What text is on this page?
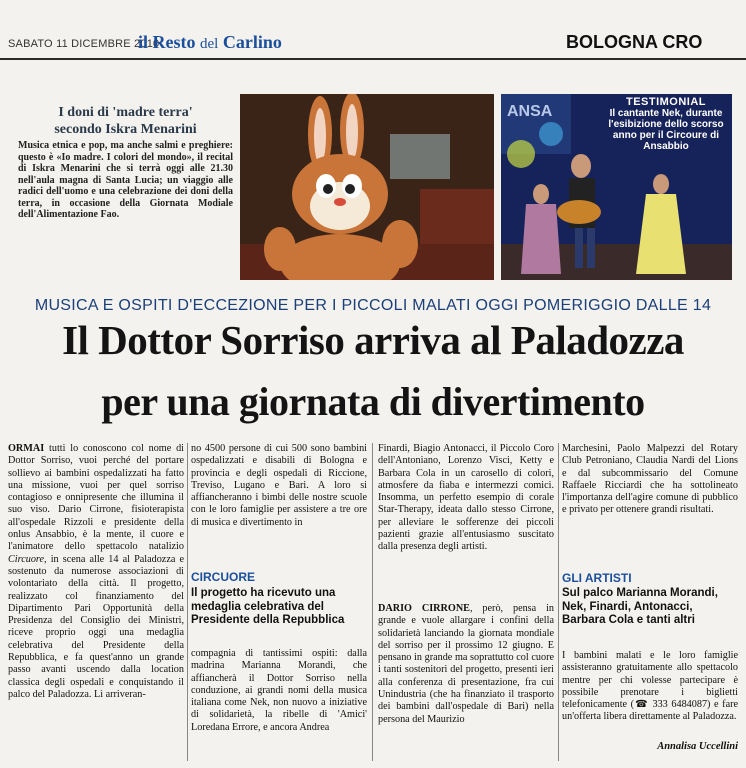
SABATO 11 DICEMBRE 2010
il Resto del Carlino	BOLOGNA CRO
I doni di 'madre terra'
secondo Iskra Menarini
Musica etnica e pop, ma anche salmi e preghiere: questo è «Io madre. I colori del mondo», il recital di Iskra Menarini che si terrà oggi alle 21.30 nell'aula magna di Santa Lucia; un viaggio alle radici dell'uomo e una celebrazione dei doni della terra, in occasione della Giornata Modiale dell'Alimentazione Fao.
ANSA
TESTIMONIAL
Il cantante Nek, durante l'esibizione dello scorso anno per il Circoure di Ansabbio
MUSICA E OSPITI D'ECCEZIONE PER I PICCOLI MALATI OGGI POMERIGGIO DALLE 14
Il Dottor Sorriso arriva al Paladozza
per una giornata di divertimento

ORMAI tutti lo conoscono col nome di Dottor Sorriso, vuoi perché del portare sollievo ai bambini ospedalizzati ha fatto una missione, vuoi per quel sorriso contagioso e onnipresente che illumina il suo viso. Dario Cirrone, fisioterapista all'ospedale Rizzoli e presidente della onlus Ansabbio, è la mente, il cuore e l'animatore dello spettacolo natalizio Circuore, in scena alle 14 al Paladozza e sostenuto da numerose associazioni di volontariato della città. Il progetto, realizzato col finanziamento del Dipartimento Pari Opportunità della Presidenza del Consiglio dei Ministri, riceve proprio oggi una medaglia celebrativa del Presidente della Repubblica, e fa quest'anno un grande passo avanti uscendo dalla location classica degli ospedali e conquistando il palco del Paladozza. Lì arriveran-

no 4500 persone di cui 500 sono bambini ospedalizzati e disabili di Bologna e provincia e degli ospedali di Riccione, Treviso, Lugano e Bari. A loro si affiancheranno i bimbi delle nostre scuole con le loro famiglie per assistere a tre ore di musica e divertimento in
CIRCUORE
Il progetto ha ricevuto una medaglia celebrativa del Presidente della Repubblica
compagnia di tantissimi ospiti: dalla madrina Marianna Morandi, che affiancherà il Dottor Sorriso nella conduzione, ai grandi nomi della musica italiana come Nek, non nuovo a iniziative di solidarietà, la ribelle di 'Amici' Loredana Errore, e ancora Andrea
Finardi, Biagio Antonacci, il Piccolo Coro dell'Antoniano, Lorenzo Visci, Ketty e Barbara Cola in un carosello di colori, atmosfere da fiaba e intermezzi comici. Insomma, un perfetto esempio di corale Star-Therapy, ideata dallo stesso Cirrone, per alleviare le sofferenze dei piccoli pazienti grazie all'entusiasmo suscitato dalla presenza degli artisti.

DARIO CIRRONE, però, pensa in grande e vuole allargare i confini della solidarietà lanciando la giornata mondiale del sorriso per il prossimo 12 giugno. E pensano in grande ma soprattutto col cuore i tanti sostenitori del progetto, presenti ieri alla conferenza di presentazione, fra cui Unindustria (che ha finanziato il trasporto dei bambini dall'ospedale di Bari) nella persona del Maurizio

Marchesini, Paolo Malpezzi del Rotary Club Petroniano, Claudia Nardi del Lions e dal subcommissario del Comune Raffaele Ricciardi che ha sottolineato l'importanza dell'agire comune di pubblico e privato per ottenere grandi risultati.
GLI ARTISTI
Sul palco Marianna Morandi, Nek, Finardi, Antonacci, Barbara Cola e tanti altri
I bambini malati e le loro famiglie assisteranno gratuitamente allo spettacolo mentre per chi volesse partecipare è possibile prenotare i biglietti telefonicamente (☎ 333 6484087) e fare un'offerta libera direttamente al Paladozza.
Annalisa Uccellini
